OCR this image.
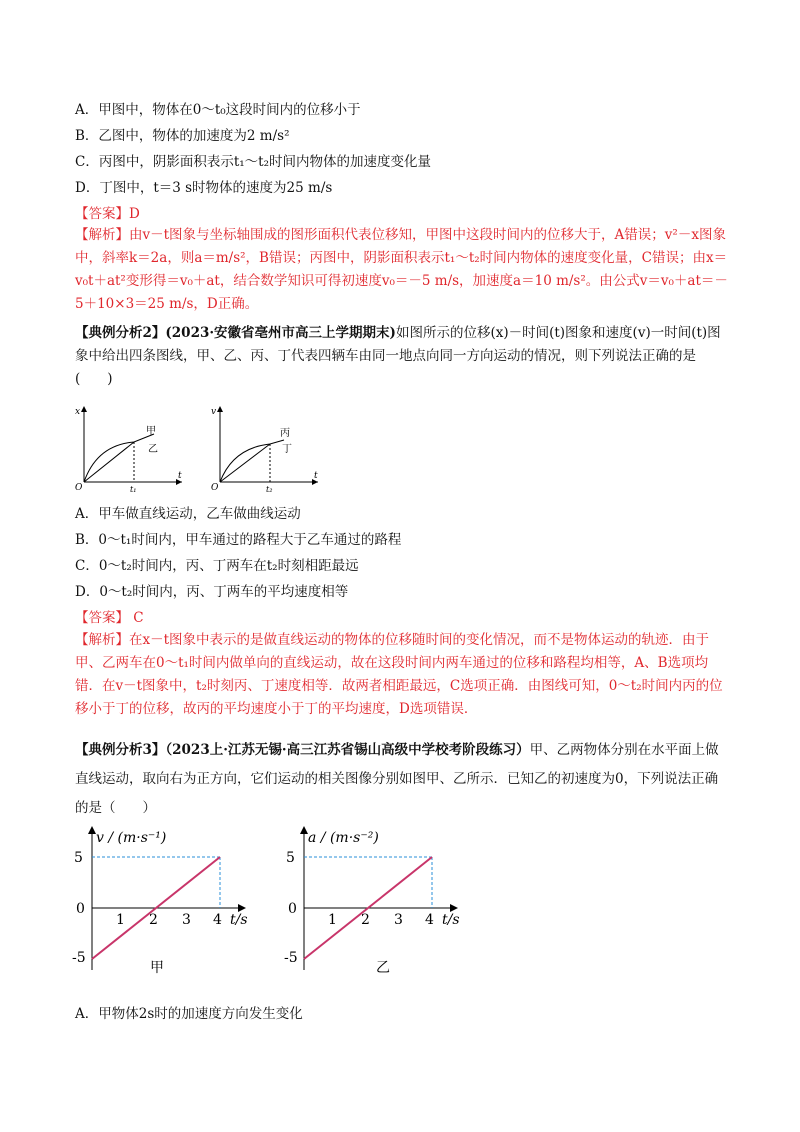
A．甲图中，物体在0～t₀这段时间内的位移小于
B．乙图中，物体的加速度为2 m/s²
C．丙图中，阴影面积表示t₁～t₂时间内物体的加速度变化量
D．丁图中，t＝3 s时物体的速度为25 m/s
【答案】D
【解析】由v－t图象与坐标轴围成的图形面积代表位移知，甲图中这段时间内的位移大于，A错误；v²－x图象中，斜率k＝2a，则a＝m/s²，B错误；丙图中，阴影面积表示t₁～t₂时间内物体的速度变化量，C错误；由x＝v₀t＋at²变形得＝v₀＋at，结合数学知识可得初速度v₀＝－5 m/s，加速度a＝10 m/s²。由公式v＝v₀＋at＝－5＋10×3＝25 m/s，D正确。
【典例分析2】(2023·安徽省亳州市高三上学期期末)如图所示的位移(x)－时间(t)图象和速度(v)一时间(t)图象中给出四条图线，甲、乙、丙、丁代表四辆车由同一地点向同一方向运动的情况，则下列说法正确的是(　　)
x
t
O	t₁
甲
乙
v
t
O	t₂
丙
丁
A．甲车做直线运动，乙车做曲线运动
B．0～t₁时间内，甲车通过的路程大于乙车通过的路程
C．0～t₂时间内，丙、丁两车在t₂时刻相距最远
D．0～t₂时间内，丙、丁两车的平均速度相等
【答案】 C
【解析】在x－t图象中表示的是做直线运动的物体的位移随时间的变化情况，而不是物体运动的轨迹．由于甲、乙两车在0～t₁时间内做单向的直线运动，故在这段时间内两车通过的位移和路程均相等，A、B选项均错．在v－t图象中，t₂时刻丙、丁速度相等．故两者相距最远，C选项正确．由图线可知，0～t₂时间内丙的位移小于丁的位移，故丙的平均速度小于丁的平均速度，D选项错误．
【典例分析3】（2023上·江苏无锡·高三江苏省锡山高级中学校考阶段练习）甲、乙两物体分别在水平面上做直线运动，取向右为正方向，它们运动的相关图像分别如图甲、乙所示．已知乙的初速度为0，下列说法正确的是（　　）
v / (m·s⁻¹)
5
0
-5
1 2 3 4 t/s
甲
a / (m·s⁻²)
5
0
-5
1 2 3 4 t/s
乙
A．甲物体2s时的加速度方向发生变化
